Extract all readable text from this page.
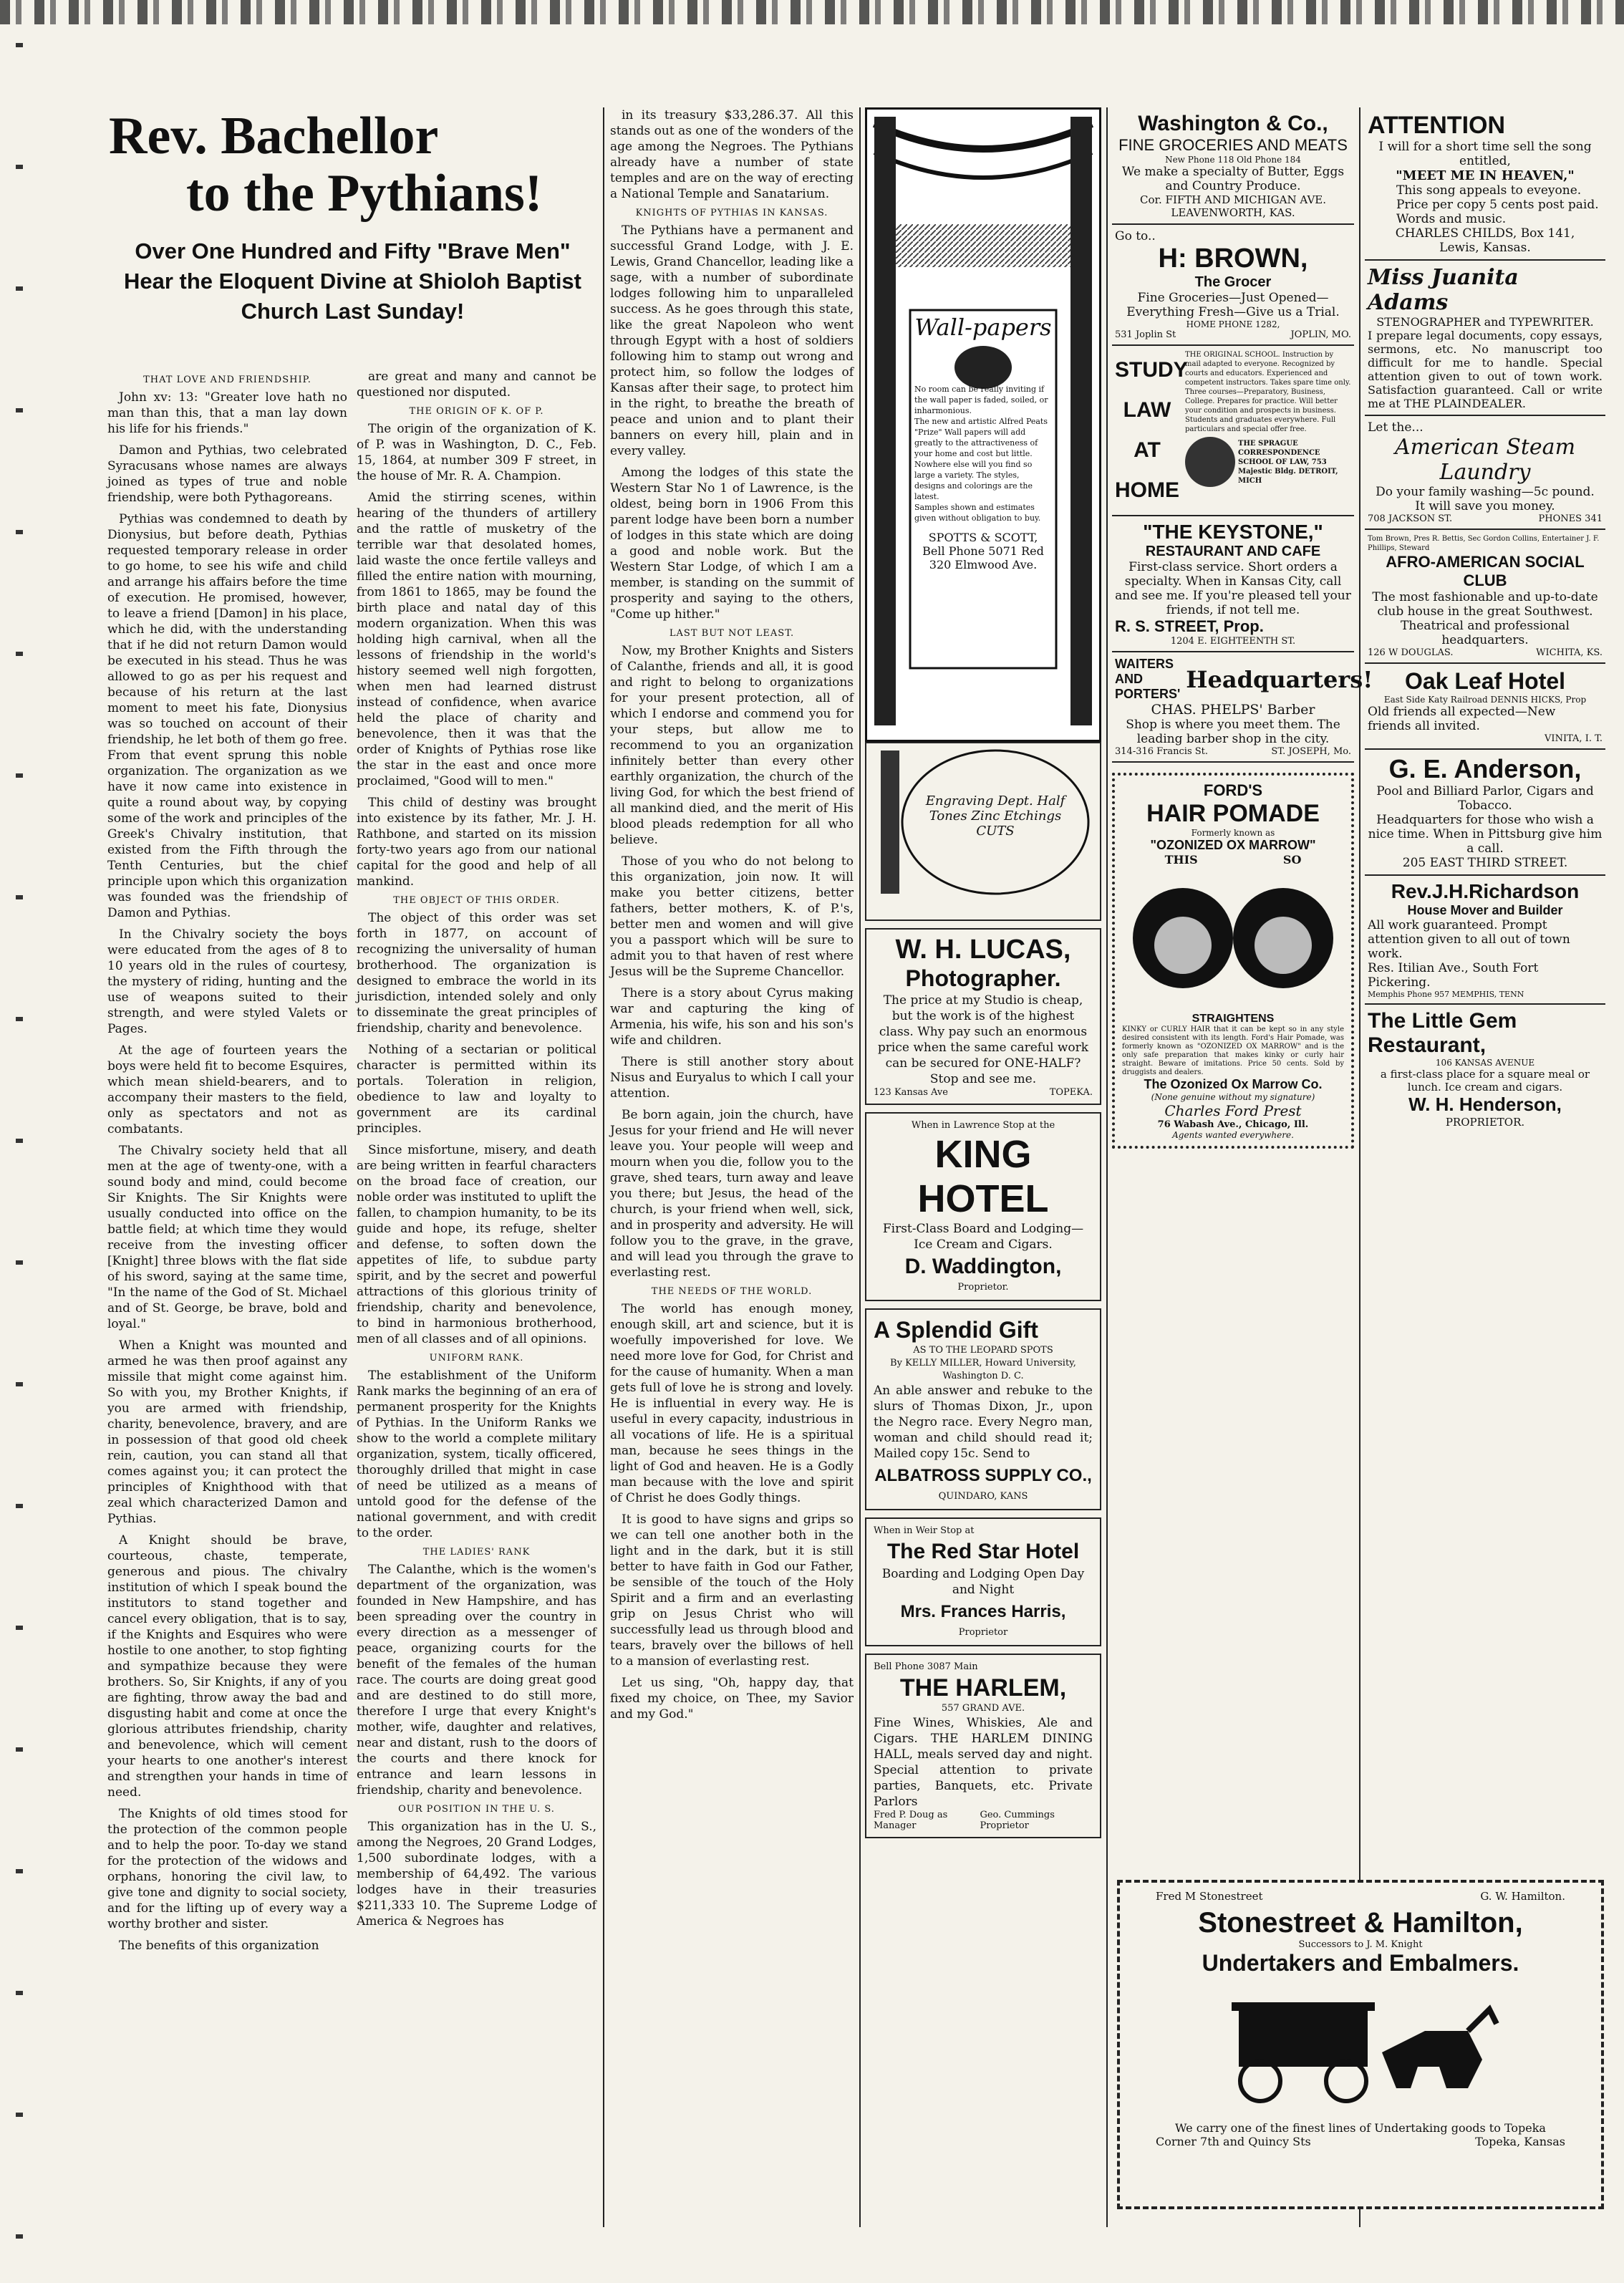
Rev. Bachellor
to the Pythians!
Over One Hundred and Fifty "Brave Men" Hear the Eloquent Divine at Shioloh Baptist Church Last Sunday!
THAT LOVE AND FRIENDSHIP.

John xv: 13: "Greater love hath no man than this, that a man lay down his life for his friends."

Damon and Pythias, two celebrated Syracusans whose names are always joined as types of true and noble friendship, were both Pythagoreans.

Pythias was condemned to death by Dionysius, but before death, Pythias requested temporary release in order to go home, to see his wife and child and arrange his affairs before the time of execution. He promised, however, to leave a friend [Damon] in his place, which he did, with the understanding that if he did not return Damon would be executed in his stead. Thus he was allowed to go as per his request and because of his return at the last moment to meet his fate, Dionysius was so touched on account of their friendship, he let both of them go free. From that event sprung this noble organization. The organization as we have it now came into existence in quite a round about way, by copying some of the work and principles of the Greek's Chivalry institution, that existed from the Fifth through the Tenth Centuries, but the chief principle upon which this organization was founded was the friendship of Damon and Pythias.

In the Chivalry society the boys were educated from the ages of 8 to 10 years old in the rules of courtesy, the mystery of riding, hunting and the use of weapons suited to their strength, and were styled Valets or Pages.

At the age of fourteen years the boys were held fit to become Esquires, which mean shield-bearers, and to accompany their masters to the field, only as spectators and not as combatants.

The Chivalry society held that all men at the age of twenty-one, with a sound body and mind, could become Sir Knights. The Sir Knights were usually conducted into office on the battle field; at which time they would receive from the investing officer [Knight] three blows with the flat side of his sword, saying at the same time, "In the name of the God of St. Michael and of St. George, be brave, bold and loyal."

When a Knight was mounted and armed he was then proof against any missile that might come against him. So with you, my Brother Knights, if you are armed with friendship, charity, benevolence, bravery, and are in possession of that good old cheek rein, caution, you can stand all that comes against you; it can protect the principles of Knighthood with that zeal which characterized Damon and Pythias.

A Knight should be brave, courteous, chaste, temperate, generous and pious. The chivalry institution of which I speak bound the institutors to stand together and cancel every obligation, that is to say, if the Knights and Esquires who were hostile to one another, to stop fighting and sympathize because they were brothers. So, Sir Knights, if any of you are fighting, throw away the bad and disgusting habit and come at once the glorious attributes friendship, charity and benevolence, which will cement your hearts to one another's interest and strengthen your hands in time of need.

The Knights of old times stood for the protection of the common people and to help the poor. To-day we stand for the protection of the widows and orphans, honoring the civil law, to give tone and dignity to social society, and for the lifting up of every way a worthy brother and sister.

The benefits of this organization

are great and many and cannot be questioned nor disputed.

THE ORIGIN OF K. OF P.

The origin of the organization of K. of P. was in Washington, D. C., Feb. 15, 1864, at number 309 F street, in the house of Mr. R. A. Champion.

Amid the stirring scenes, within hearing of the thunders of artillery and the rattle of musketry of the terrible war that desolated homes, laid waste the once fertile valleys and filled the entire nation with mourning, from 1861 to 1865, may be found the birth place and natal day of this modern organization. When this was holding high carnival, when all the lessons of friendship in the world's history seemed well nigh forgotten, when men had learned distrust instead of confidence, when avarice held the place of charity and benevolence, then it was that the order of Knights of Pythias rose like the star in the east and once more proclaimed, "Good will to men."

This child of destiny was brought into existence by its father, Mr. J. H. Rathbone, and started on its mission forty-two years ago from our national capital for the good and help of all mankind.

THE OBJECT OF THIS ORDER.

The object of this order was set forth in 1877, on account of recognizing the universality of human brotherhood. The organization is designed to embrace the world in its jurisdiction, intended solely and only to disseminate the great principles of friendship, charity and benevolence.

Nothing of a sectarian or political character is permitted within its portals. Toleration in religion, obedience to law and loyalty to government are its cardinal principles.

Since misfortune, misery, and death are being written in fearful characters on the broad face of creation, our noble order was instituted to uplift the fallen, to champion humanity, to be its guide and hope, its refuge, shelter and defense, to soften down the appetites of life, to subdue party spirit, and by the secret and powerful attractions of this glorious trinity of friendship, charity and benevolence, to bind in harmonious brotherhood, men of all classes and of all opinions.

UNIFORM RANK.

The establishment of the Uniform Rank marks the beginning of an era of permanent prosperity for the Knights of Pythias. In the Uniform Ranks we show to the world a complete military organization, system, tically officered, thoroughly drilled that might in case of need be utilized as a means of untold good for the defense of the national government, and with credit to the order.

THE LADIES' RANK

The Calanthe, which is the women's department of the organization, was founded in New Hampshire, and has been spreading over the country in every direction as a messenger of peace, organizing courts for the benefit of the females of the human race. The courts are doing great good and are destined to do still more, therefore I urge that every Knight's mother, wife, daughter and relatives, near and distant, rush to the doors of the courts and there knock for entrance and learn lessons in friendship, charity and benevolence.

OUR POSITION IN THE U. S.

This organization has in the U. S., among the Negroes, 20 Grand Lodges, 1,500 subordinate lodges, with a membership of 64,492. The various lodges have in their treasuries $211,333 10. The Supreme Lodge of America & Negroes has

in its treasury $33,286.37. All this stands out as one of the wonders of the age among the Negroes. The Pythians already have a number of state temples and are on the way of erecting a National Temple and Sanatarium.

KNIGHTS OF PYTHIAS IN KANSAS.

The Pythians have a permanent and successful Grand Lodge, with J. E. Lewis, Grand Chancellor, leading like a sage, with a number of subordinate lodges following him to unparalleled success. As he goes through this state, like the great Napoleon who went through Egypt with a host of soldiers following him to stamp out wrong and protect him, so follow the lodges of Kansas after their sage, to protect him in the right, to breathe the breath of peace and union and to plant their banners on every hill, plain and in every valley.

Among the lodges of this state the Western Star No 1 of Lawrence, is the oldest, being born in 1906 From this parent lodge have been born a number of lodges in this state which are doing a good and noble work. But the Western Star Lodge, of which I am a member, is standing on the summit of prosperity and saying to the others, "Come up hither."

LAST BUT NOT LEAST.

Now, my Brother Knights and Sisters of Calanthe, friends and all, it is good and right to belong to organizations for your present protection, all of which I endorse and commend you for your steps, but allow me to recommend to you an organization infinitely better than every other earthly organization, the church of the living God, for which the best friend of all mankind died, and the merit of His blood pleads redemption for all who believe.

Those of you who do not belong to this organization, join now. It will make you better citizens, better fathers, better mothers, K. of P.'s, better men and women and will give you a passport which will be sure to admit you to that haven of rest where Jesus will be the Supreme Chancellor.

There is a story about Cyrus making war and capturing the king of Armenia, his wife, his son and his son's wife and children.

There is still another story about Nisus and Euryalus to which I call your attention.

Be born again, join the church, have Jesus for your friend and He will never leave you. Your people will weep and mourn when you die, follow you to the grave, shed tears, turn away and leave you there; but Jesus, the head of the church, is your friend when well, sick, and in prosperity and adversity. He will follow you to the grave, in the grave, and will lead you through the grave to everlasting rest.

THE NEEDS OF THE WORLD.

The world has enough money, enough skill, art and science, but it is woefully impoverished for love. We need more love for God, for Christ and for the cause of humanity. When a man gets full of love he is strong and lovely. He is influential in every way. He is useful in every capacity, industrious in all vocations of life. He is a spiritual man, because he sees things in the light of God and heaven. He is a Godly man because with the love and spirit of Christ he does Godly things.

It is good to have signs and grips so we can tell one another both in the light and in the dark, but it is still better to have faith in God our Father, be sensible of the touch of the Holy Spirit and a firm and an everlasting grip on Jesus Christ who will successfully lead us through blood and tears, bravely over the billows of hell to a mansion of everlasting rest.

Let us sing, "Oh, happy day, that fixed my choice, on Thee, my Savior and my God."

Wall-papers
No room can be really inviting if the wall paper is faded, soiled, or inharmonious.
The new and artistic Alfred Peats "Prize" Wall papers will add greatly to the attractiveness of your home and cost but little.
Nowhere else will you find so large a variety. The styles, designs and colorings are the latest.
Samples shown and estimates given without obligation to buy.
SPOTTS & SCOTT,
Bell Phone 5071 Red
320 Elmwood Ave.
Engraving Dept. Half Tones Zinc Etchings CUTS
W. H. LUCAS,
Photographer.
The price at my Studio is cheap, but the work is of the highest class. Why pay such an enormous price when the same careful work can be secured for ONE-HALF? Stop and see me.
123 Kansas Ave	TOPEKA.
When in Lawrence Stop at the
KING HOTEL
First-Class Board and Lodging— Ice Cream and Cigars.
D. Waddington,
Proprietor.
A Splendid Gift
AS TO THE LEOPARD SPOTS
By KELLY MILLER, Howard University, Washington D. C.
An able answer and rebuke to the slurs of Thomas Dixon, Jr., upon the Negro race. Every Negro man, woman and child should read it; Mailed copy 15c. Send to
ALBATROSS SUPPLY CO.,
QUINDARO, KANS
When in Weir Stop at
The Red Star Hotel
Boarding and Lodging Open Day and Night
Mrs. Frances Harris,
Proprietor
Bell Phone 3087 Main
THE HARLEM,
557 GRAND AVE.
Fine Wines, Whiskies, Ale and Cigars. THE HARLEM DINING HALL, meals served day and night. Special attention to private parties, Banquets, etc. Private Parlors
Fred P. Doug as Manager
Geo. Cummings Proprietor
Washington & Co.,
FINE GROCERIES AND MEATS
New Phone 118 Old Phone 184
We make a specialty of Butter, Eggs and Country Produce.
Cor. FIFTH AND MICHIGAN AVE. LEAVENWORTH, KAS.
Go to..
H: BROWN,
The Grocer
Fine Groceries—Just Opened—Everything Fresh—Give us a Trial.
HOME PHONE 1282,
531 Joplin St	JOPLIN, MO.
STUDY
LAW
AT
HOME
THE ORIGINAL SCHOOL. Instruction by mail adapted to everyone. Recognized by courts and educators. Experienced and competent instructors. Takes spare time only. Three courses—Preparatory, Business, College. Prepares for practice. Will better your condition and prospects in business. Students and graduates everywhere. Full particulars and special offer free.
THE SPRAGUE CORRESPONDENCE SCHOOL OF LAW, 753 Majestic Bldg. DETROIT, MICH
"THE KEYSTONE,"
RESTAURANT AND CAFE
First-class service. Short orders a specialty. When in Kansas City, call and see me. If you're pleased tell your friends, if not tell me.
R. S. STREET, Prop.
1204 E. EIGHTEENTH ST.
WAITERS AND PORTERS'
Headquarters!
CHAS. PHELPS' Barber
Shop is where you meet them. The leading barber shop in the city.
314-316 Francis St.	ST. JOSEPH, Mo.
FORD'S
HAIR POMADE
Formerly known as
"OZONIZED OX MARROW"
THIS	SO
STRAIGHTENS
KINKY or CURLY HAIR that it can be kept so in any style desired consistent with its length. Ford's Hair Pomade, was formerly known as "OZONIZED OX MARROW" and is the only safe preparation that makes kinky or curly hair straight. Beware of imitations. Price 50 cents. Sold by druggists and dealers.
The Ozonized Ox Marrow Co.
(None genuine without my signature)
Charles Ford Prest
76 Wabash Ave., Chicago, Ill.
Agents wanted everywhere.
Fred M Stonestreet	G. W. Hamilton.
Stonestreet & Hamilton,
Successors to J. M. Knight
Undertakers and Embalmers.
We carry one of the finest lines of Undertaking goods to Topeka
Corner 7th and Quincy Sts	Topeka, Kansas
ATTENTION
I will for a short time sell the song entitled,
"MEET ME IN HEAVEN,"
This song appeals to eveyone. Price per copy 5 cents post paid. Words and music.
CHARLES CHILDS, Box 141,
Lewis, Kansas.
Miss Juanita Adams
STENOGRAPHER and TYPEWRITER.
I prepare legal documents, copy essays, sermons, etc. No manuscript too difficult for me to handle. Special attention given to out of town work. Satisfaction guaranteed. Call or write me at THE PLAINDEALER.
Let the...
American Steam Laundry
Do your family washing—5c pound.
It will save you money.
708 JACKSON ST.	PHONES 341
Tom Brown, Pres R. Bettis, Sec Gordon Collins, Entertainer J. F. Phillips, Steward
AFRO-AMERICAN SOCIAL CLUB
The most fashionable and up-to-date club house in the great Southwest. Theatrical and professional headquarters.
126 W DOUGLAS.	WICHITA, KS.
Oak Leaf Hotel
East Side Katy Railroad DENNIS HICKS, Prop
Old friends all expected—New friends all invited.
VINITA, I. T.
G. E. Anderson,
Pool and Billiard Parlor, Cigars and Tobacco.
Headquarters for those who wish a nice time. When in Pittsburg give him a call.
205 EAST THIRD STREET.
Rev.J.H.Richardson
House Mover and Builder
All work guaranteed. Prompt attention given to all out of town work.
Res. Itilian Ave., South Fort Pickering.
Memphis Phone 957 MEMPHIS, TENN
The Little Gem Restaurant,
106 KANSAS AVENUE
a first-class place for a square meal or lunch. Ice cream and cigars.
W. H. Henderson,
PROPRIETOR.
